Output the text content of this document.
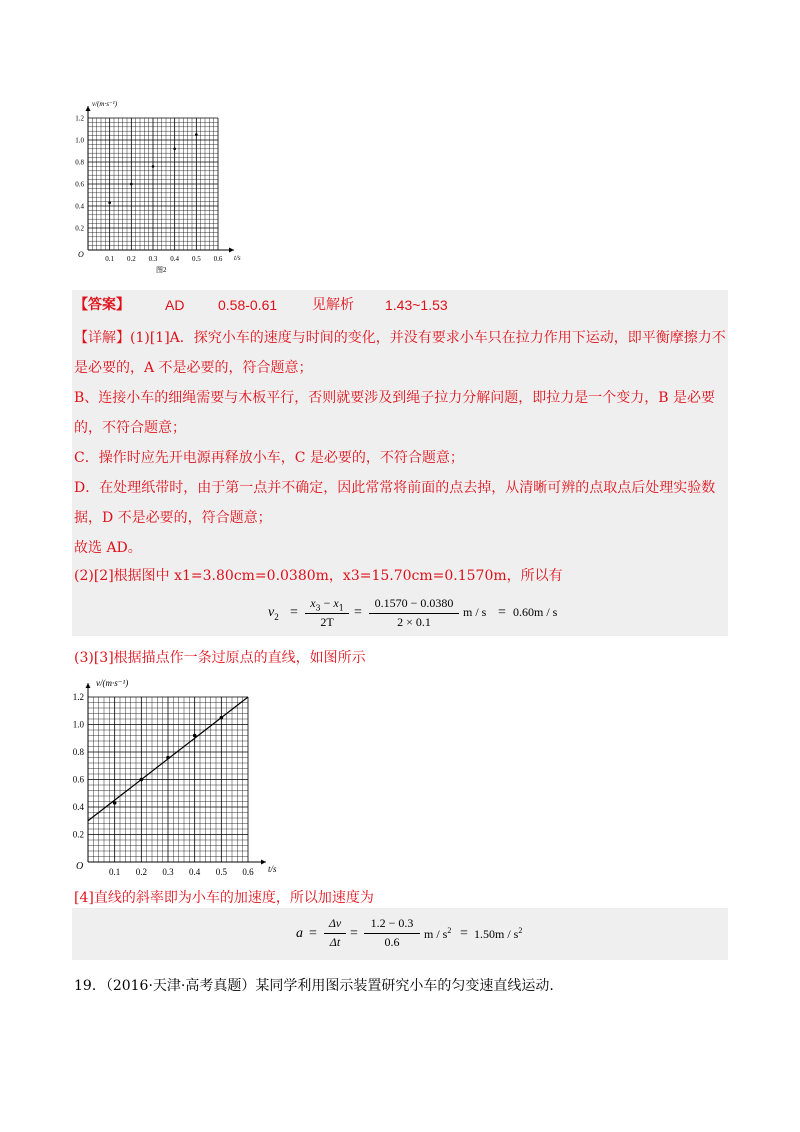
0.1 0.2 0.3 0.4 0.5 0.6
1.2
1.0
0.8
0.6
0.4
0.2
v/(m·s⁻¹)
O	t/s
图2
【答案】	AD 0.58-0.61 见解析 1.43~1.53
【详解】(1)[1]A．探究小车的速度与时间的变化，并没有要求小车只在拉力作用下运动，即平衡摩擦力不
是必要的，A 不是必要的，符合题意；
B、连接小车的细绳需要与木板平行，否则就要涉及到绳子拉力分解问题，即拉力是一个变力，B 是必要
的，不符合题意；
C．操作时应先开电源再释放小车，C 是必要的，不符合题意；
D．在处理纸带时，由于第一点并不确定，因此常常将前面的点去掉，从清晰可辨的点取点后处理实验数
据，D 不是必要的，符合题意；
故选 AD。
(2)[2]根据图中 x1=3.80cm=0.0380m，x3=15.70cm=0.1570m，所以有
$v_2$ =
$x_3 - x_1$
2T
=
0.1570 − 0.0380
2 × 0.1
m / s = 0.60m / s
(3)[3]根据描点作一条过原点的直线，如图所示
0.1 0.2 0.3 0.4 0.5 0.6
1.2
1.0
0.8
0.6
0.4
0.2
v/(m·s⁻¹)
O	t/s
[4]直线的斜率即为小车的加速度，所以加速度为
a =
Δv
Δt
=
1.2 − 0.3
0.6
$m / s^2 = 1.50m / s^2$
19．（2016·天津·高考真题）某同学利用图示装置研究小车的匀变速直线运动.
